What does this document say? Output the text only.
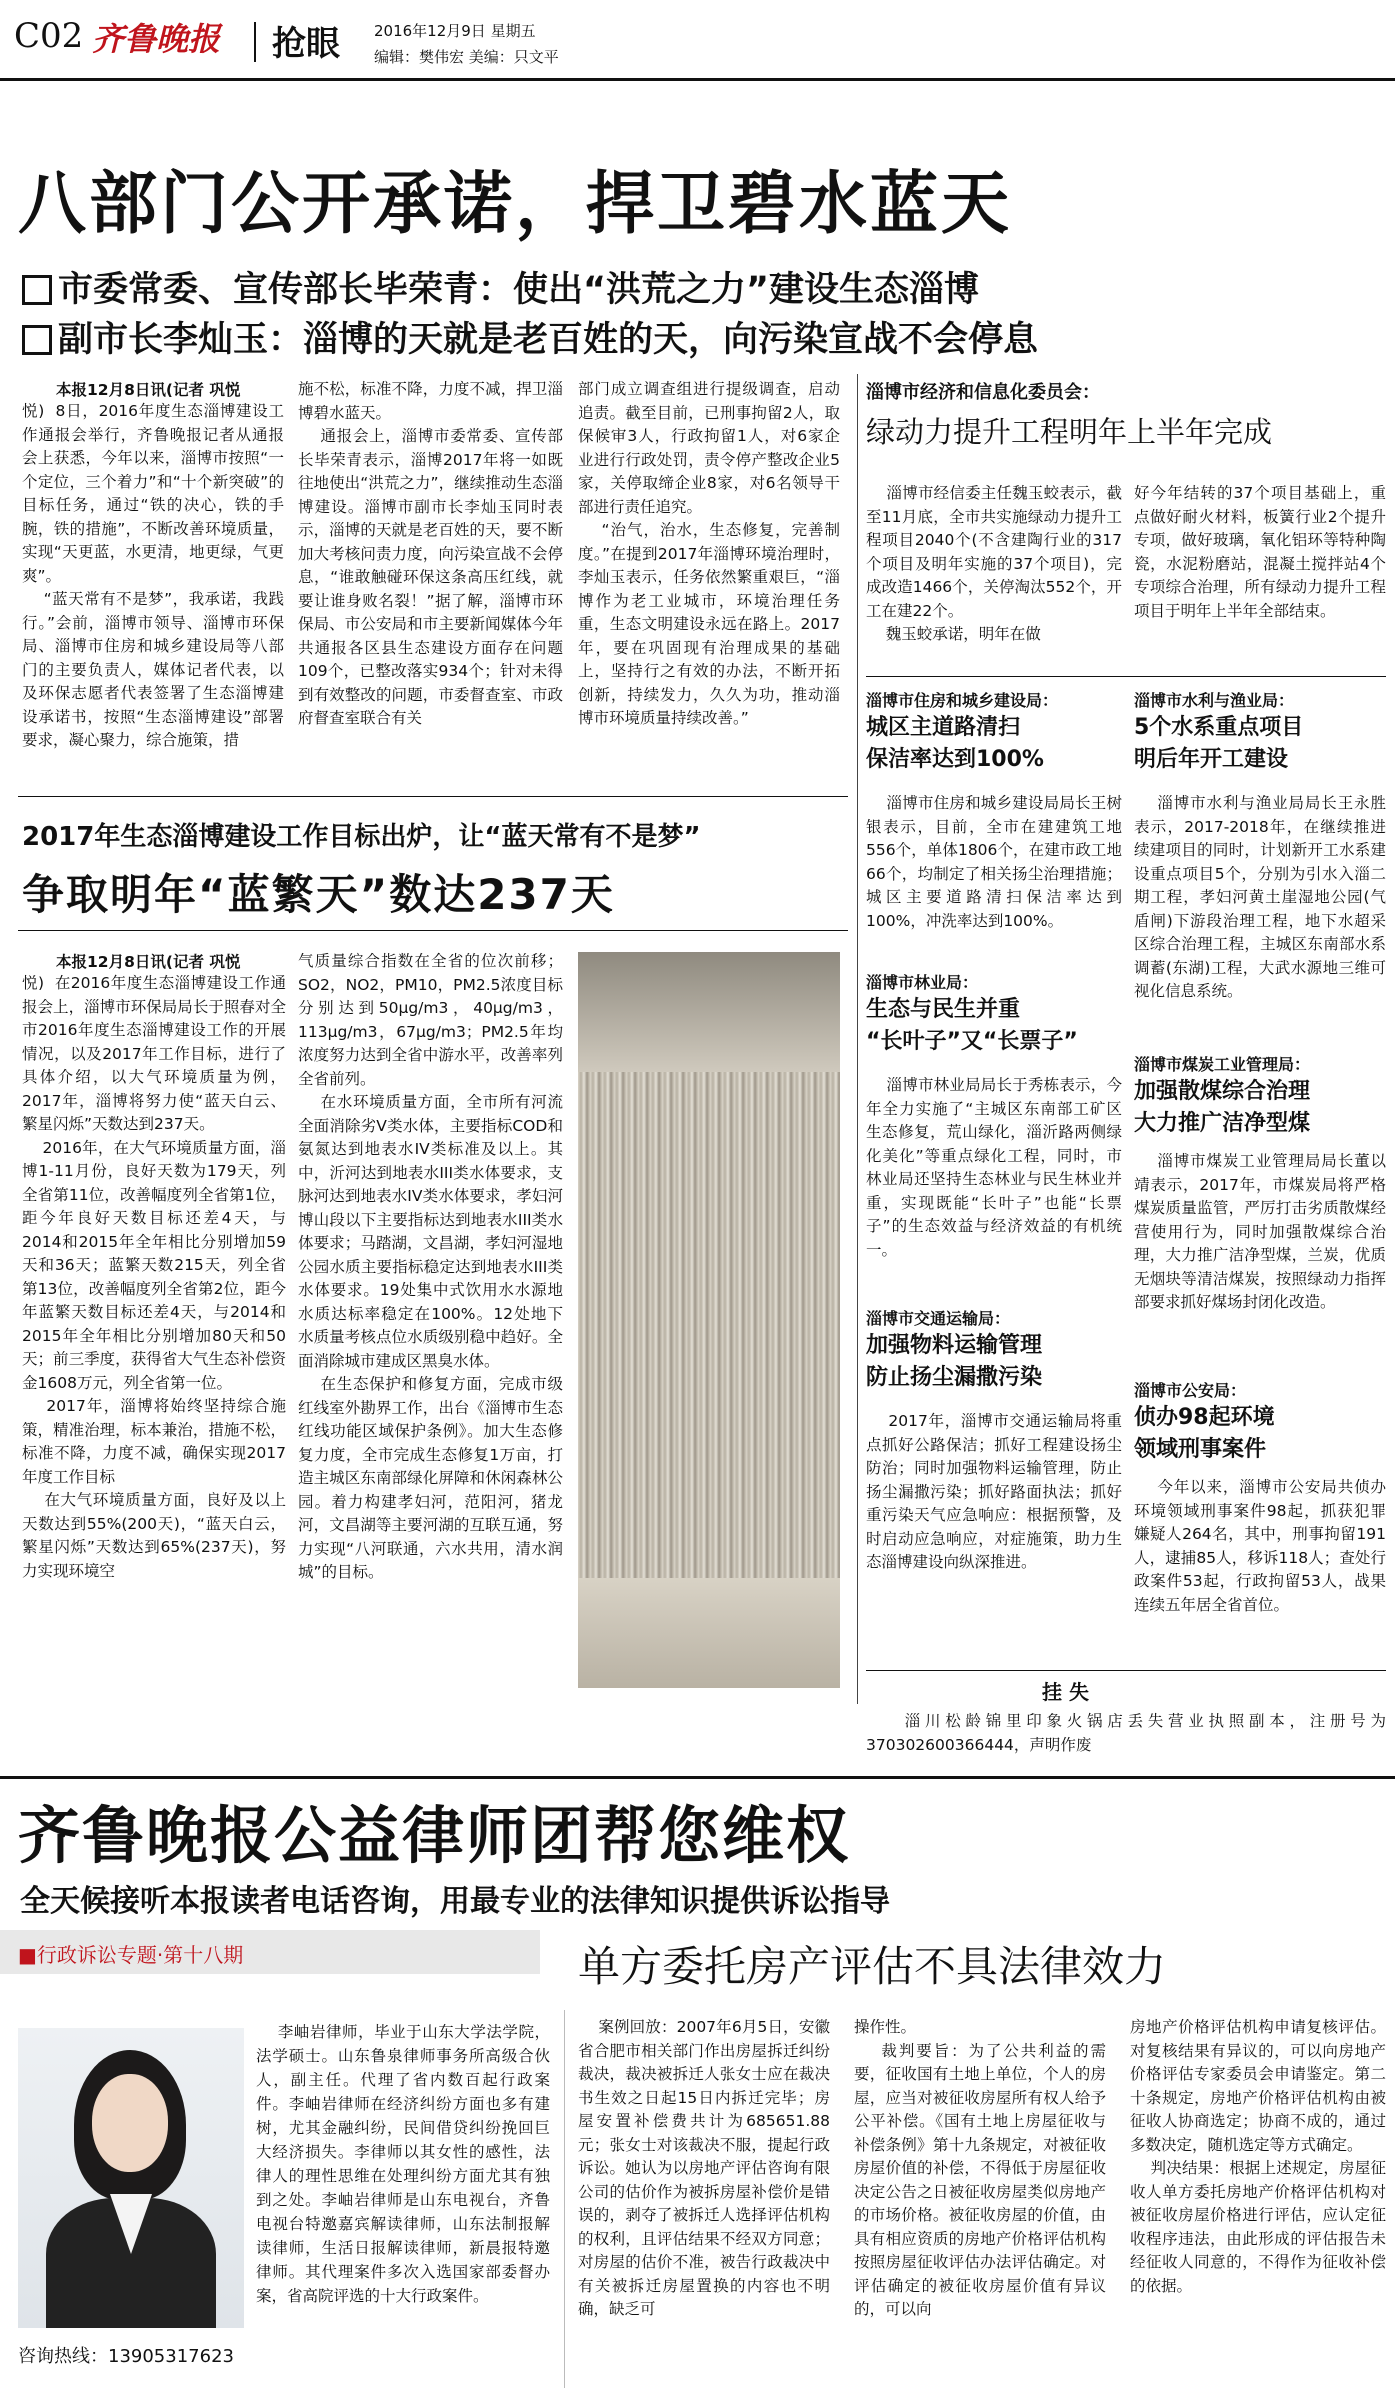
C02 齐鲁晚报 抢眼 2016年12月9日 星期五
编辑：樊伟宏 美编：只文平
八部门公开承诺，捍卫碧水蓝天
市委常委、宣传部长毕荣青：使出“洪荒之力”建设生态淄博
副市长李灿玉：淄博的天就是老百姓的天，向污染宣战不会停息
本报12月8日讯(记者 巩悦
悦)  8日，2016年度生态淄博建设工作通报会举行，齐鲁晚报记者从通报会上获悉，今年以来，淄博市按照“一个定位，三个着力”和“十个新突破”的目标任务，通过“铁的决心，铁的手腕，铁的措施”，不断改善环境质量，实现“天更蓝，水更清，地更绿，气更爽”。
“蓝天常有不是梦”，我承诺，我践行。”会前，淄博市领导、淄博市环保局、淄博市住房和城乡建设局等八部门的主要负责人，媒体记者代表，以及环保志愿者代表签署了生态淄博建设承诺书，按照“生态淄博建设”部署要求，凝心聚力，综合施策，措
施不松，标准不降，力度不减，捍卫淄博碧水蓝天。
通报会上，淄博市委常委、宣传部长毕荣青表示，淄博2017年将一如既往地使出“洪荒之力”，继续推动生态淄博建设。淄博市副市长李灿玉同时表示，淄博的天就是老百姓的天，要不断加大考核问责力度，向污染宣战不会停息，“谁敢触碰环保这条高压红线，就要让谁身败名裂！”据了解，淄博市环保局、市公安局和市主要新闻媒体今年共通报各区县生态建设方面存在问题109个，已整改落实934个；针对未得到有效整改的问题，市委督查室、市政府督查室联合有关
部门成立调查组进行提级调查，启动追责。截至目前，已刑事拘留2人，取保候审3人，行政拘留1人，对6家企业进行行政处罚，责令停产整改企业5家，关停取缔企业8家，对6名领导干部进行责任追究。
“治气，治水，生态修复，完善制度。”在提到2017年淄博环境治理时，李灿玉表示，任务依然繁重艰巨，“淄博作为老工业城市，环境治理任务重，生态文明建设永远在路上。2017年，要在巩固现有治理成果的基础上，坚持行之有效的办法，不断开拓创新，持续发力，久久为功，推动淄博市环境质量持续改善。”
2017年生态淄博建设工作目标出炉，让“蓝天常有不是梦”
争取明年“蓝繁天”数达237天
本报12月8日讯(记者 巩悦
悦)  在2016年度生态淄博建设工作通报会上，淄博市环保局局长于照春对全市2016年度生态淄博建设工作的开展情况，以及2017年工作目标，进行了具体介绍，以大气环境质量为例，2017年，淄博将努力使“蓝天白云、繁星闪烁”天数达到237天。
2016年，在大气环境质量方面，淄博1-11月份，良好天数为179天，列全省第11位，改善幅度列全省第1位，距今年良好天数目标还差4天，与2014和2015年全年相比分别增加59天和36天；蓝繁天数215天，列全省第13位，改善幅度列全省第2位，距今年蓝繁天数目标还差4天，与2014和2015年全年相比分别增加80天和50天；前三季度，获得省大气生态补偿资金1608万元，列全省第一位。
2017年，淄博将始终坚持综合施策，精准治理，标本兼治，措施不松，标准不降，力度不减，确保实现2017年度工作目标
在大气环境质量方面，良好及以上天数达到55%(200天)，“蓝天白云，繁星闪烁”天数达到65%(237天)，努力实现环境空
气质量综合指数在全省的位次前移；SO2，NO2，PM10，PM2.5浓度目标分别达到50μg/m3，40μg/m3，113μg/m3，67μg/m3；PM2.5年均浓度努力达到全省中游水平，改善率列全省前列。
在水环境质量方面，全市所有河流全面消除劣V类水体，主要指标COD和氨氮达到地表水IV类标准及以上。其中，沂河达到地表水III类水体要求，支脉河达到地表水IV类水体要求，孝妇河博山段以下主要指标达到地表水III类水体要求；马踏湖，文昌湖，孝妇河湿地公园水质主要指标稳定达到地表水III类水体要求。19处集中式饮用水水源地水质达标率稳定在100%。12处地下水质量考核点位水质级别稳中趋好。全面消除城市建成区黑臭水体。
在生态保护和修复方面，完成市级红线室外勘界工作，出台《淄博市生态红线功能区域保护条例》。加大生态修复力度，全市完成生态修复1万亩，打造主城区东南部绿化屏障和休闲森林公园。着力构建孝妇河，范阳河，猪龙河，文昌湖等主要河湖的互联互通，努力实现“八河联通，六水共用，清水润城”的目标。
淄博市经济和信息化委员会：
绿动力提升工程明年上半年完成
淄博市经信委主任魏玉蛟表示，截至11月底，全市共实施绿动力提升工程项目2040个(不含建陶行业的317个项目及明年实施的37个项目)，完成改造1466个，关停淘汰552个，开工在建22个。
魏玉蛟承诺，明年在做
好今年结转的37个项目基础上，重点做好耐火材料，板簧行业2个提升专项，做好玻璃，氧化铝环等特种陶瓷，水泥粉磨站，混凝土搅拌站4个专项综合治理，所有绿动力提升工程项目于明年上半年全部结束。
淄博市住房和城乡建设局：
城区主道路清扫
保洁率达到100%
淄博市住房和城乡建设局局长王树银表示，目前，全市在建建筑工地556个，单体1806个，在建市政工地66个，均制定了相关扬尘治理措施；城区主要道路清扫保洁率达到100%，冲洗率达到100%。
淄博市水利与渔业局：
5个水系重点项目
明后年开工建设
淄博市水利与渔业局局长王永胜表示，2017-2018年，在继续推进续建项目的同时，计划新开工水系建设重点项目5个，分别为引水入淄二期工程，孝妇河黄土崖湿地公园(气盾闸)下游段治理工程，地下水超采区综合治理工程，主城区东南部水系调蓄(东湖)工程，大武水源地三维可视化信息系统。
淄博市林业局：
生态与民生并重
“长叶子”又“长票子”
淄博市林业局局长于秀栋表示，今年全力实施了“主城区东南部工矿区生态修复，荒山绿化，淄沂路两侧绿化美化”等重点绿化工程，同时，市林业局还坚持生态林业与民生林业并重，实现既能“长叶子”也能“长票子”的生态效益与经济效益的有机统一。
淄博市煤炭工业管理局：
加强散煤综合治理
大力推广洁净型煤
淄博市煤炭工业管理局局长董以靖表示，2017年，市煤炭局将严格煤炭质量监管，严厉打击劣质散煤经营使用行为，同时加强散煤综合治理，大力推广洁净型煤，兰炭，优质无烟块等清洁煤炭，按照绿动力指挥部要求抓好煤场封闭化改造。
淄博市交通运输局：
加强物料运输管理
防止扬尘漏撒污染
2017年，淄博市交通运输局将重点抓好公路保洁；抓好工程建设扬尘防治；同时加强物料运输管理，防止扬尘漏撒污染；抓好路面执法；抓好重污染天气应急响应：根据预警，及时启动应急响应，对症施策，助力生态淄博建设向纵深推进。
淄博市公安局：
侦办98起环境
领域刑事案件
今年以来，淄博市公安局共侦办环境领域刑事案件98起，抓获犯罪嫌疑人264名，其中，刑事拘留191人，逮捕85人，移诉118人；查处行政案件53起，行政拘留53人，战果连续五年居全省首位。
挂 失
淄川松龄锦里印象火锅店丢失营业执照副本，注册号为370302600366444，声明作废
齐鲁晚报公益律师团帮您维权
全天候接听本报读者电话咨询，用最专业的法律知识提供诉讼指导
■行政诉讼专题·第十八期	单方委托房产评估不具法律效力
咨询热线：13905317623
李岫岩律师，毕业于山东大学法学院，法学硕士。山东鲁泉律师事务所高级合伙人，副主任。代理了省内数百起行政案件。李岫岩律师在经济纠纷方面也多有建树，尤其金融纠纷，民间借贷纠纷挽回巨大经济损失。李律师以其女性的感性，法律人的理性思维在处理纠纷方面尤其有独到之处。李岫岩律师是山东电视台，齐鲁电视台特邀嘉宾解读律师，山东法制报解读律师，生活日报解读律师，新晨报特邀律师。其代理案件多次入选国家部委督办案，省高院评选的十大行政案件。
案例回放：2007年6月5日，安徽省合肥市相关部门作出房屋拆迁纠纷裁决，裁决被拆迁人张女士应在裁决书生效之日起15日内拆迁完毕；房屋安置补偿费共计为685651.88元；张女士对该裁决不服，提起行政诉讼。她认为以房地产评估咨询有限公司的估价作为被拆房屋补偿价是错误的，剥夺了被拆迁人选择评估机构的权利，且评估结果不经双方同意；对房屋的估价不准，被告行政裁决中有关被拆迁房屋置换的内容也不明确，缺乏可
操作性。
裁判要旨：为了公共利益的需要，征收国有土地上单位，个人的房屋，应当对被征收房屋所有权人给予公平补偿。《国有土地上房屋征收与补偿条例》第十九条规定，对被征收房屋价值的补偿，不得低于房屋征收决定公告之日被征收房屋类似房地产的市场价格。被征收房屋的价值，由具有相应资质的房地产价格评估机构按照房屋征收评估办法评估确定。对评估确定的被征收房屋价值有异议的，可以向
房地产价格评估机构申请复核评估。对复核结果有异议的，可以向房地产价格评估专家委员会申请鉴定。第二十条规定，房地产价格评估机构由被征收人协商选定；协商不成的，通过多数决定，随机选定等方式确定。
判决结果：根据上述规定，房屋征收人单方委托房地产价格评估机构对被征收房屋价格进行评估，应认定征收程序违法，由此形成的评估报告未经征收人同意的，不得作为征收补偿的依据。
